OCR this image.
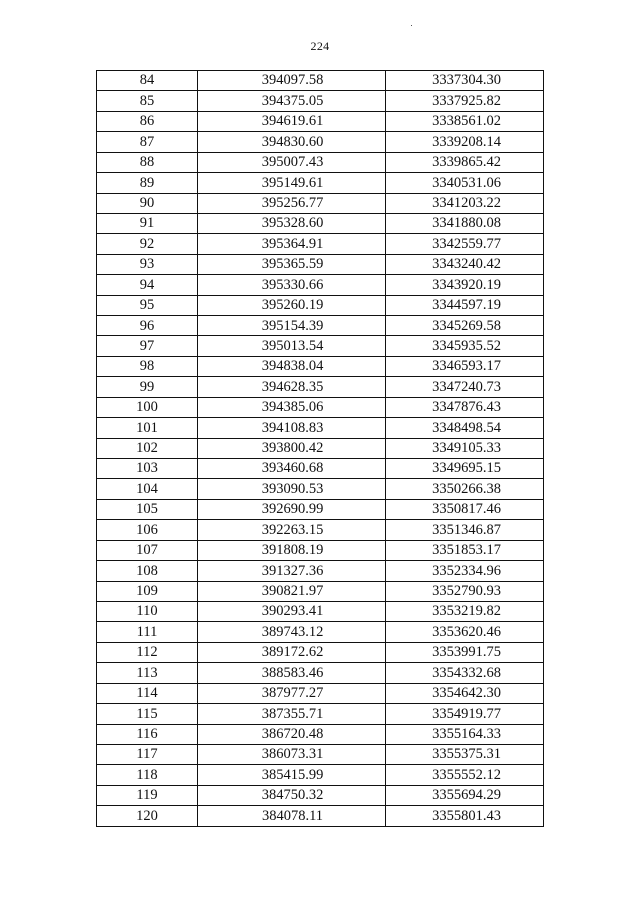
224
84	394097.58	3337304.30
85	394375.05	3337925.82
86	394619.61	3338561.02
87	394830.60	3339208.14
88	395007.43	3339865.42
89	395149.61	3340531.06
90	395256.77	3341203.22
91	395328.60	3341880.08
92	395364.91	3342559.77
93	395365.59	3343240.42
94	395330.66	3343920.19
95	395260.19	3344597.19
96	395154.39	3345269.58
97	395013.54	3345935.52
98	394838.04	3346593.17
99	394628.35	3347240.73
100	394385.06	3347876.43
101	394108.83	3348498.54
102	393800.42	3349105.33
103	393460.68	3349695.15
104	393090.53	3350266.38
105	392690.99	3350817.46
106	392263.15	3351346.87
107	391808.19	3351853.17
108	391327.36	3352334.96
109	390821.97	3352790.93
110	390293.41	3353219.82
111	389743.12	3353620.46
112	389172.62	3353991.75
113	388583.46	3354332.68
114	387977.27	3354642.30
115	387355.71	3354919.77
116	386720.48	3355164.33
117	386073.31	3355375.31
118	385415.99	3355552.12
119	384750.32	3355694.29
120	384078.11	3355801.43
